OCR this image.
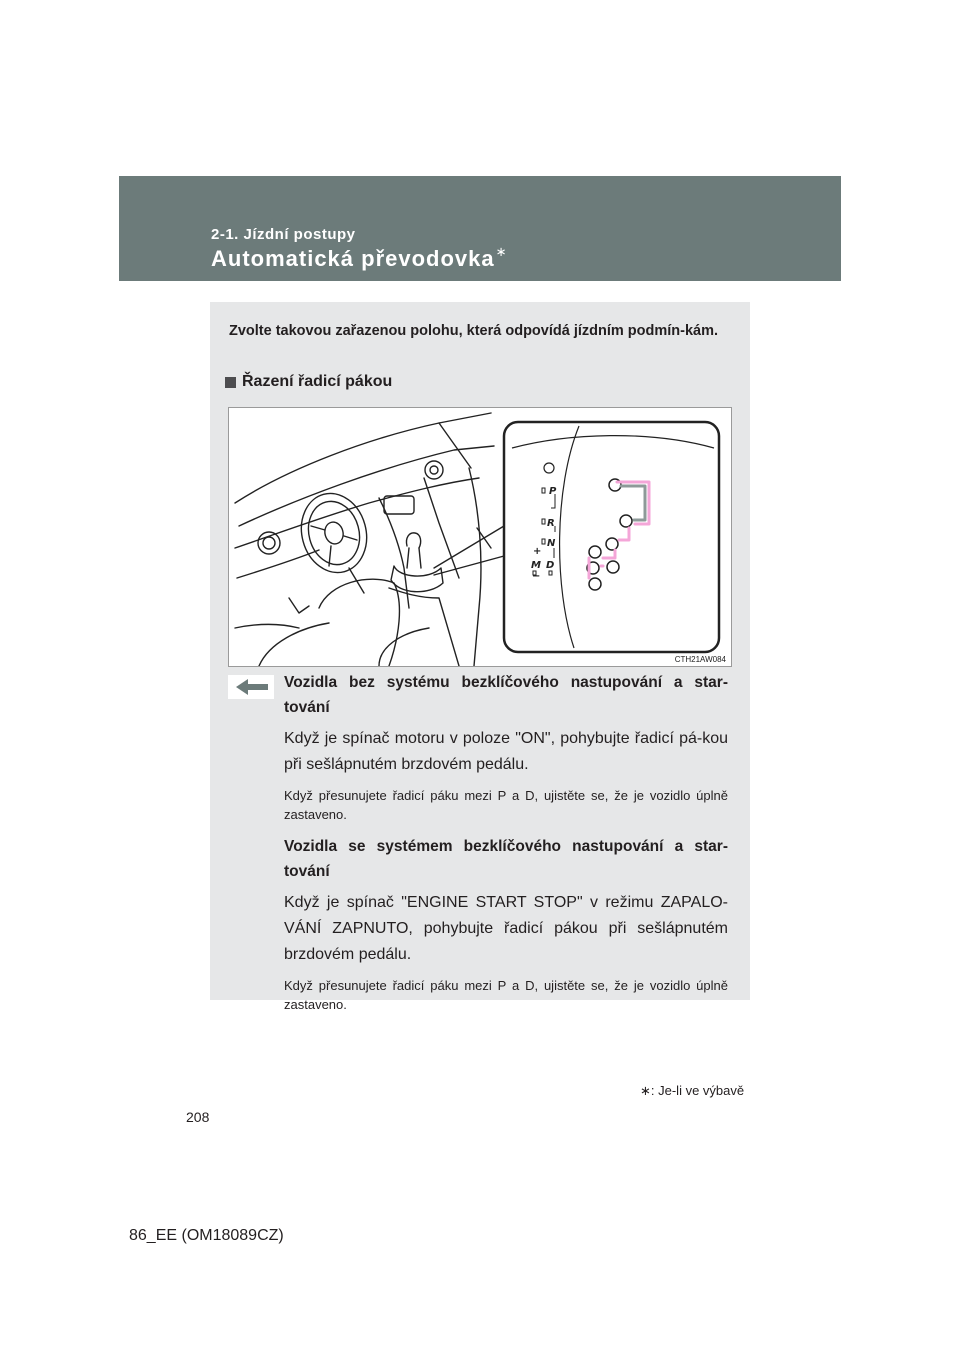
2-1. Jízdní postupy
Automatická převodovka∗
Zvolte takovou zařazenou polohu, která odpovídá jízdním podmín-kám.
Řazení řadicí pákou
P
R
N
D
M
+
−
CTH21AW084
Vozidla bez systému bezklíčového nastupování a star-tování
Když je spínač motoru v poloze "ON", pohybujte řadicí pá-kou při sešlápnutém brzdovém pedálu.
Když přesunujete řadicí páku mezi P a D, ujistěte se, že je vozidlo úplně zastaveno.
Vozidla se systémem bezklíčového nastupování a star-tování
Když je spínač "ENGINE START STOP" v režimu ZAPALO-VÁNÍ ZAPNUTO, pohybujte řadicí pákou při sešlápnutém brzdovém pedálu.
Když přesunujete řadicí páku mezi P a D, ujistěte se, že je vozidlo úplně zastaveno.
∗: Je-li ve výbavě
208
86_EE (OM18089CZ)
